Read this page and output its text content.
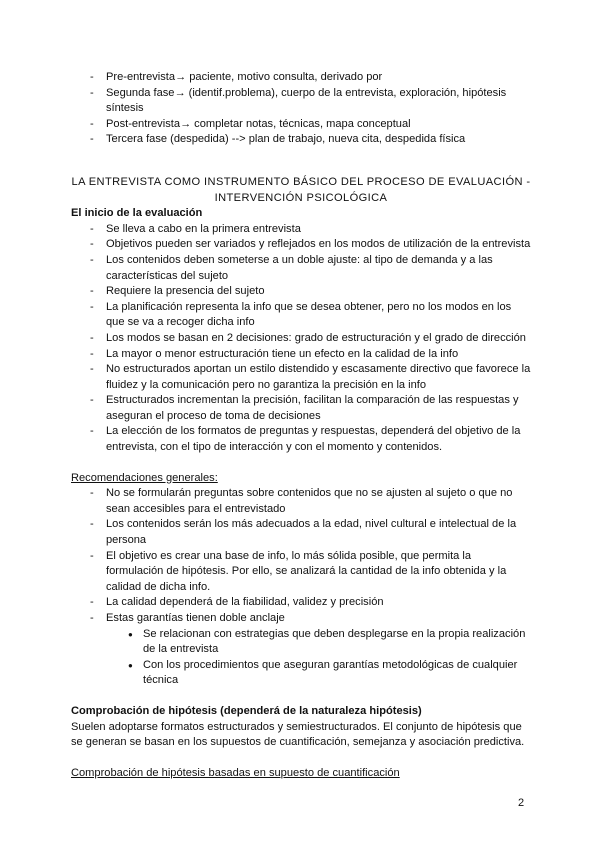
- Pre-entrevista→ paciente, motivo consulta, derivado por
- Segunda fase→ (identif.problema), cuerpo de la entrevista, exploración, hipótesis síntesis
- Post-entrevista→ completar notas, técnicas, mapa conceptual
- Tercera fase (despedida) --> plan de trabajo, nueva cita, despedida física
LA ENTREVISTA COMO INSTRUMENTO BÁSICO DEL PROCESO DE EVALUACIÓN -
INTERVENCIÓN PSICOLÓGICA
El inicio de la evaluación
- Se lleva a cabo en la primera entrevista
- Objetivos pueden ser variados y reflejados en los modos de utilización de la entrevista
- Los contenidos deben someterse a un doble ajuste: al tipo de demanda y a las características del sujeto
- Requiere la presencia del sujeto
- La planificación representa la info que se desea obtener, pero no los modos en los que se va a recoger dicha info
- Los modos se basan en 2 decisiones: grado de estructuración y el grado de dirección
- La mayor o menor estructuración tiene un efecto en la calidad de la info
- No estructurados aportan un estilo distendido y escasamente directivo que favorece la fluidez y la comunicación pero no garantiza la precisión en la info
- Estructurados incrementan la precisión, facilitan la comparación de las respuestas y aseguran el proceso de toma de decisiones
- La elección de los formatos de preguntas y respuestas, dependerá del objetivo de la entrevista, con el tipo de interacción y con el momento y contenidos.
Recomendaciones generales:
- No se formularán preguntas sobre contenidos que no se ajusten al sujeto o que no sean accesibles para el entrevistado
- Los contenidos serán los más adecuados a la edad, nivel cultural e intelectual de la persona
- El objetivo es crear una base de info, lo más sólida posible, que permita la formulación de hipótesis. Por ello, se analizará la cantidad de la info obtenida y la calidad de dicha info.
- La calidad dependerá de la fiabilidad, validez y precisión
- Estas garantías tienen doble anclaje
● Se relacionan con estrategias que deben desplegarse en la propia realización de la entrevista
● Con los procedimientos que aseguran garantías metodológicas de cualquier técnica
Comprobación de hipótesis (dependerá de la naturaleza hipótesis)
Suelen adoptarse formatos estructurados y semiestructurados. El conjunto de hipótesis que se generan se basan en los supuestos de cuantificación, semejanza y asociación predictiva.
Comprobación de hipótesis basadas en supuesto de cuantificación
2
